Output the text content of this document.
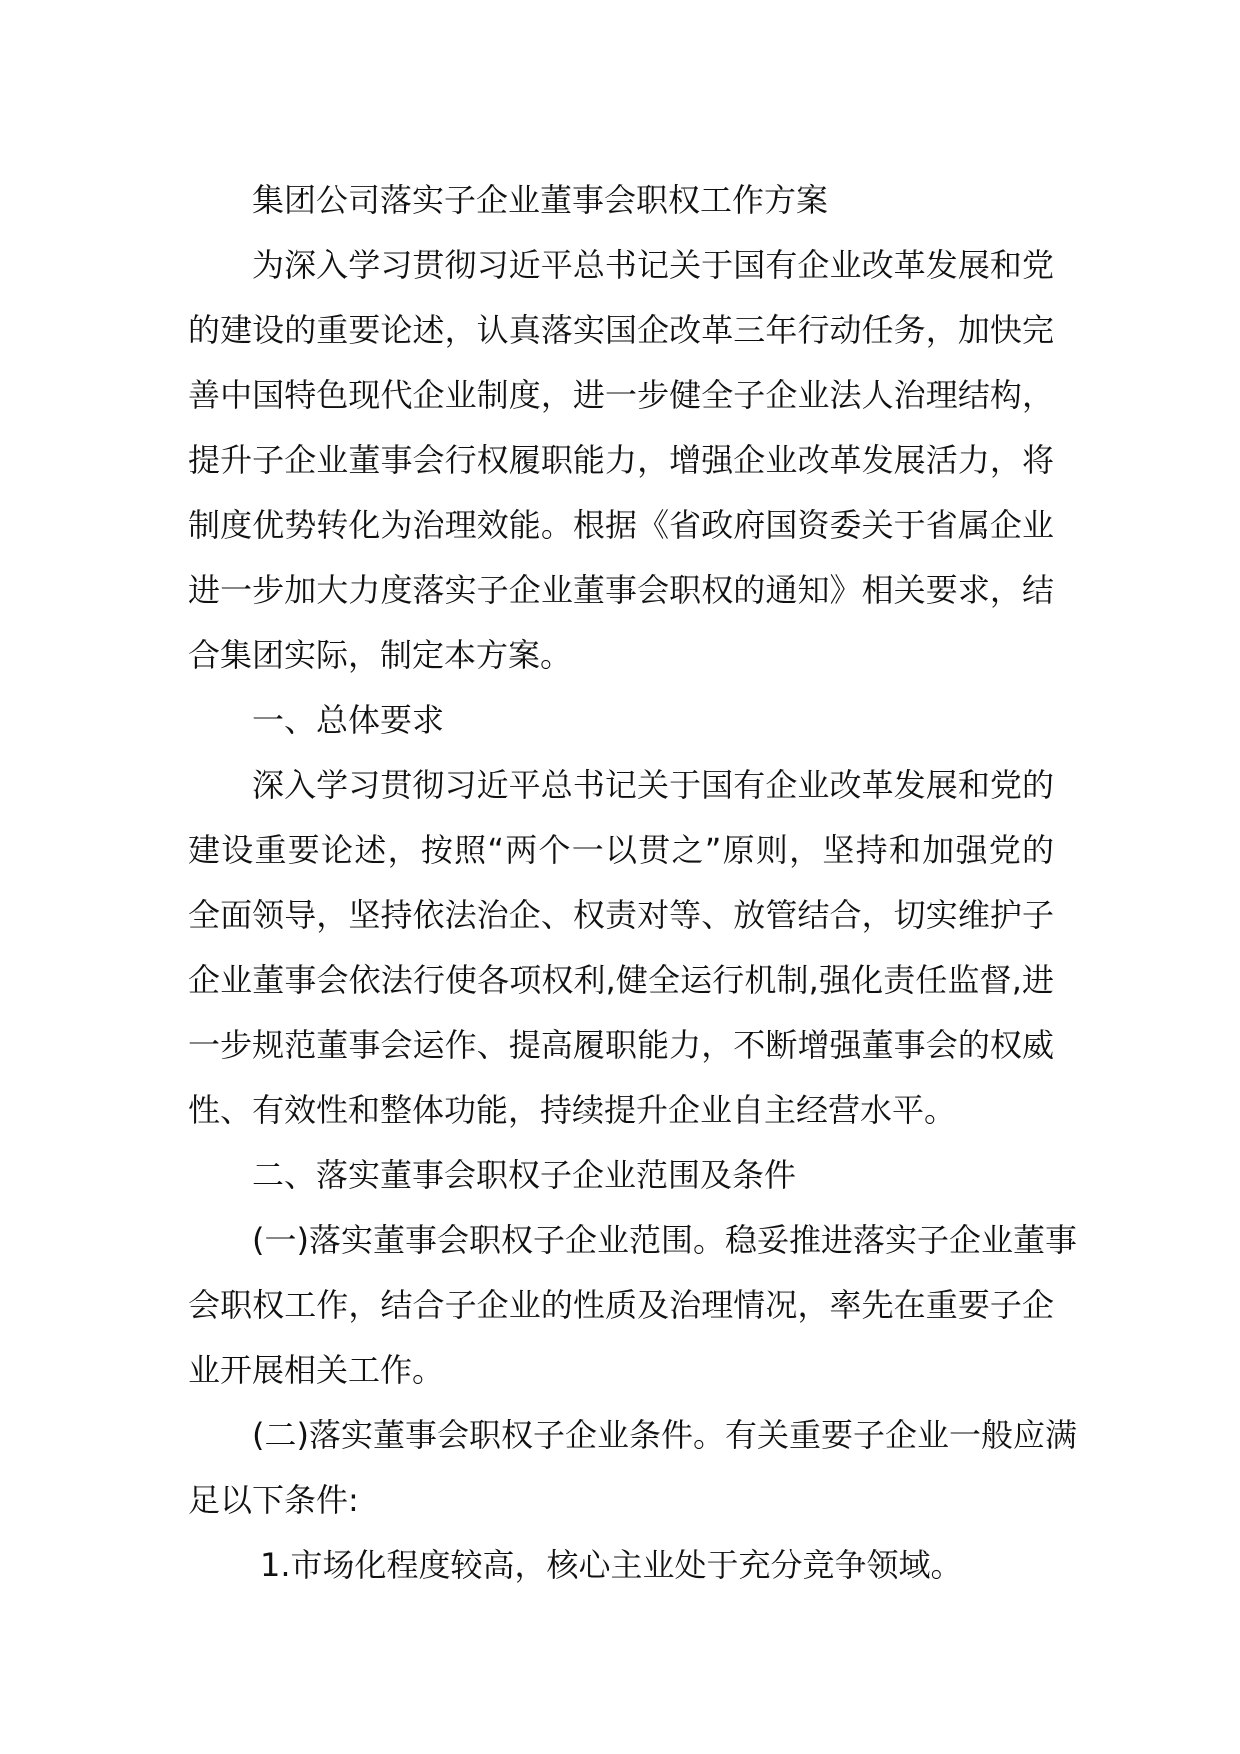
集团公司落实子企业董事会职权工作方案
为深入学习贯彻习近平总书记关于国有企业改革发展和党
的建设的重要论述，认真落实国企改革三年行动任务，加快完
善中国特色现代企业制度，进一步健全子企业法人治理结构，
提升子企业董事会行权履职能力，增强企业改革发展活力，将
制度优势转化为治理效能。根据《省政府国资委关于省属企业
进一步加大力度落实子企业董事会职权的通知》相关要求，结
合集团实际，制定本方案。
一、总体要求
深入学习贯彻习近平总书记关于国有企业改革发展和党的
建设重要论述，按照“两个一以贯之”原则，坚持和加强党的
全面领导，坚持依法治企、权责对等、放管结合，切实维护子
企业董事会依法行使各项权利,健全运行机制,强化责任监督,进
一步规范董事会运作、提高履职能力，不断增强董事会的权威
性、有效性和整体功能，持续提升企业自主经营水平。
二、落实董事会职权子企业范围及条件
(一)落实董事会职权子企业范围。稳妥推进落实子企业董事
会职权工作，结合子企业的性质及治理情况，率先在重要子企
业开展相关工作。
(二)落实董事会职权子企业条件。有关重要子企业一般应满
足以下条件:
1.市场化程度较高，核心主业处于充分竞争领域。
